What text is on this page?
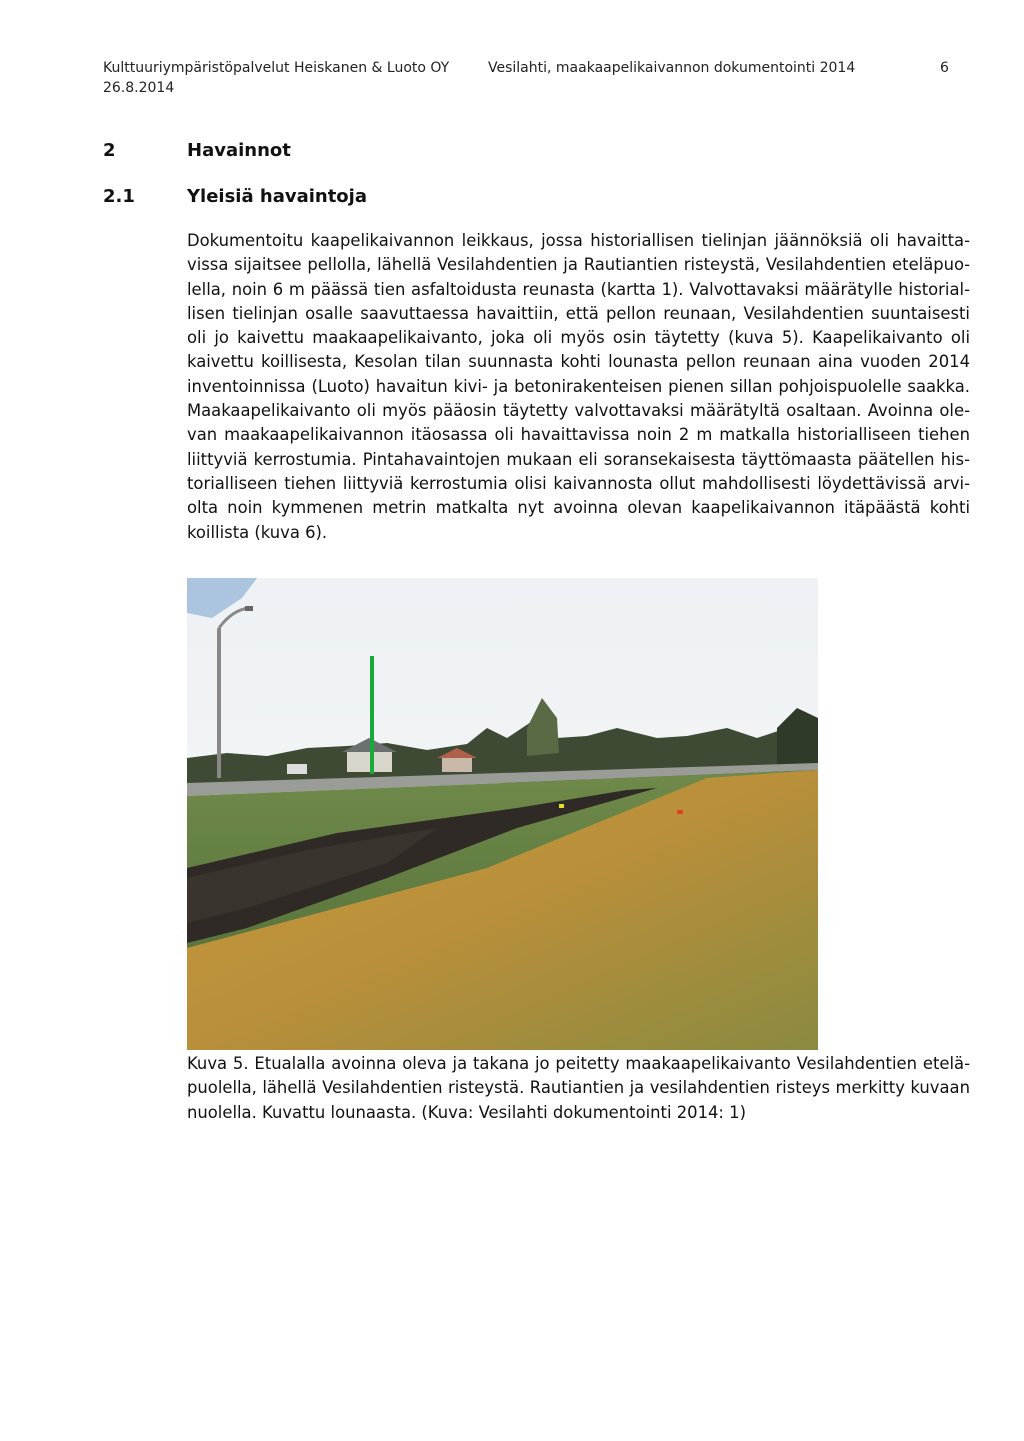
Kulttuuriympäristöpalvelut Heiskanen & Luoto OY
26.8.2014
Vesilahti, maakaapelikaivannon dokumentointi 2014	6
2	Havainnot
2.1	Yleisiä havaintoja

Dokumentoitu kaapelikaivannon leikkaus, jossa historiallisen tielinjan jäännöksiä oli havaittavissa sijaitsee pellolla, lähellä Vesilahdentien ja Rautiantien risteystä, Vesilahdentien eteläpuolella, noin 6 m päässä tien asfaltoidusta reunasta (kartta 1). Valvottavaksi määrätylle historiallisen tielinjan osalle saavuttaessa havaittiin, että pellon reunaan, Vesilahdentien suuntaisesti oli jo kaivettu maakaapelikaivanto, joka oli myös osin täytetty (kuva 5). Kaapelikaivanto oli kaivettu koillisesta, Kesolan tilan suunnasta kohti lounasta pellon reunaan aina vuoden 2014 inventoinnissa (Luoto) havaitun kivi- ja betonirakenteisen pienen sillan pohjoispuolelle saakka. Maakaapelikaivanto oli myös pääosin täytetty valvottavaksi määrätyltä osaltaan. Avoinna olevan maakaapelikaivannon itäosassa oli havaittavissa noin 2 m matkalla historialliseen tiehen liittyviä kerrostumia. Pintahavaintojen mukaan eli soransekaisesta täyttömaasta päätellen historialliseen tiehen liittyviä kerrostumia olisi kaivannosta ollut mahdollisesti löydettävissä arviolta noin kymmenen metrin matkalta nyt avoinna olevan kaapelikaivannon itäpäästä kohti koillista (kuva 6).

Kuva 5. Etualalla avoinna oleva ja takana jo peitetty maakaapelikaivanto Vesilahdentien eteläpuolella, lähellä Vesilahdentien risteystä. Rautiantien ja vesilahdentien risteys merkitty kuvaan nuolella. Kuvattu lounaasta. (Kuva: Vesilahti dokumentointi 2014: 1)
